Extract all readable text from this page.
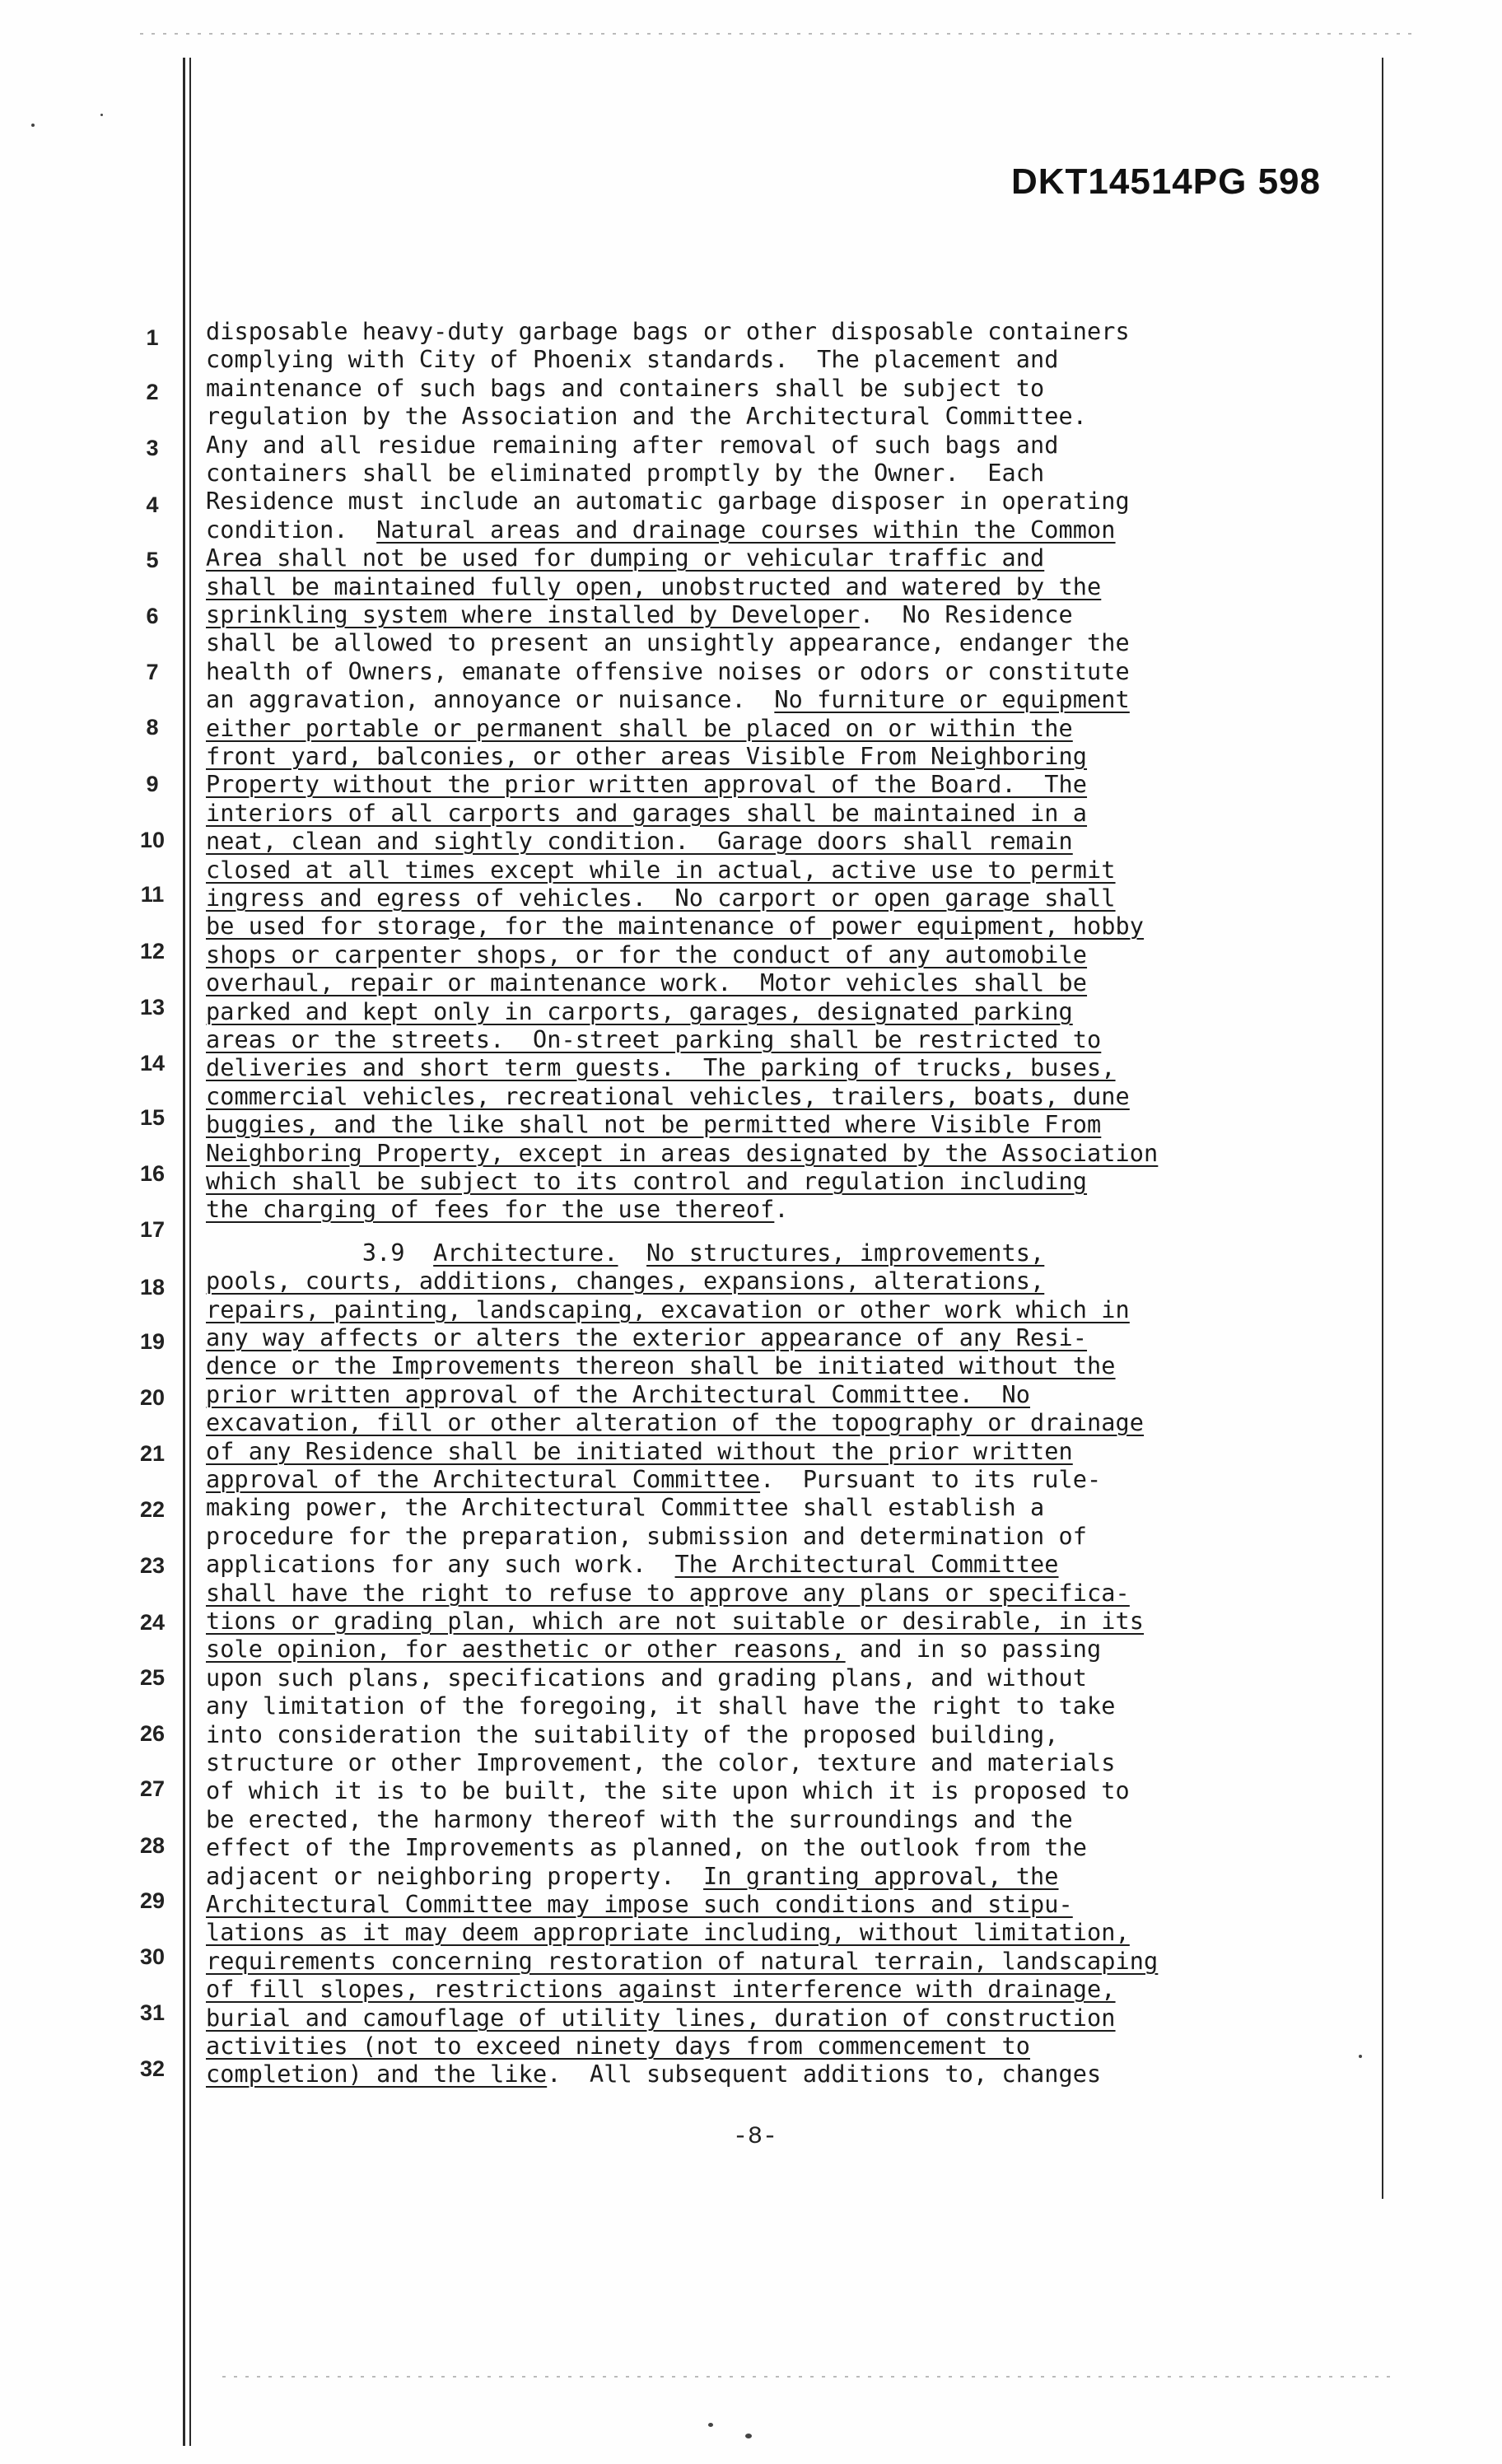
DKT14514PG 598
1
2
3
4
5
6
7
8
9
10
11
12
13
14
15
16
17
18
19
20
21
22
23
24
25
26
27
28
29
30
31
32
disposable heavy-duty garbage bags or other disposable containers
complying with City of Phoenix standards.  The placement and
maintenance of such bags and containers shall be subject to
regulation by the Association and the Architectural Committee.
Any and all residue remaining after removal of such bags and
containers shall be eliminated promptly by the Owner.  Each
Residence must include an automatic garbage disposer in operating
condition.  Natural areas and drainage courses within the Common
Area shall not be used for dumping or vehicular traffic and
shall be maintained fully open, unobstructed and watered by the
sprinkling system where installed by Developer.  No Residence
shall be allowed to present an unsightly appearance, endanger the
health of Owners, emanate offensive noises or odors or constitute
an aggravation, annoyance or nuisance.  No furniture or equipment
either portable or permanent shall be placed on or within the
front yard, balconies, or other areas Visible From Neighboring
Property without the prior written approval of the Board.  The
interiors of all carports and garages shall be maintained in a
neat, clean and sightly condition.  Garage doors shall remain
closed at all times except while in actual, active use to permit
ingress and egress of vehicles.  No carport or open garage shall
be used for storage, for the maintenance of power equipment, hobby
shops or carpenter shops, or for the conduct of any automobile
overhaul, repair or maintenance work.  Motor vehicles shall be
parked and kept only in carports, garages, designated parking
areas or the streets.  On-street parking shall be restricted to
deliveries and short term guests.  The parking of trucks, buses,
commercial vehicles, recreational vehicles, trailers, boats, dune
buggies, and the like shall not be permitted where Visible From
Neighboring Property, except in areas designated by the Association
which shall be subject to its control and regulation including
the charging of fees for the use thereof.
3.9  Architecture. No structures, improvements,
pools, courts, additions, changes, expansions, alterations,
repairs, painting, landscaping, excavation or other work which in
any way affects or alters the exterior appearance of any Resi-
dence or the Improvements thereon shall be initiated without the
prior written approval of the Architectural Committee.  No
excavation, fill or other alteration of the topography or drainage
of any Residence shall be initiated without the prior written
approval of the Architectural Committee.  Pursuant to its rule-
making power, the Architectural Committee shall establish a
procedure for the preparation, submission and determination of
applications for any such work.  The Architectural Committee
shall have the right to refuse to approve any plans or specifica-
tions or grading plan, which are not suitable or desirable, in its
sole opinion, for aesthetic or other reasons, and in so passing
upon such plans, specifications and grading plans, and without
any limitation of the foregoing, it shall have the right to take
into consideration the suitability of the proposed building,
structure or other Improvement, the color, texture and materials
of which it is to be built, the site upon which it is proposed to
be erected, the harmony thereof with the surroundings and the
effect of the Improvements as planned, on the outlook from the
adjacent or neighboring property.  In granting approval, the
Architectural Committee may impose such conditions and stipu-
lations as it may deem appropriate including, without limitation,
requirements concerning restoration of natural terrain, landscaping
of fill slopes, restrictions against interference with drainage,
burial and camouflage of utility lines, duration of construction
activities (not to exceed ninety days from commencement to
completion) and the like.  All subsequent additions to, changes
-8-
